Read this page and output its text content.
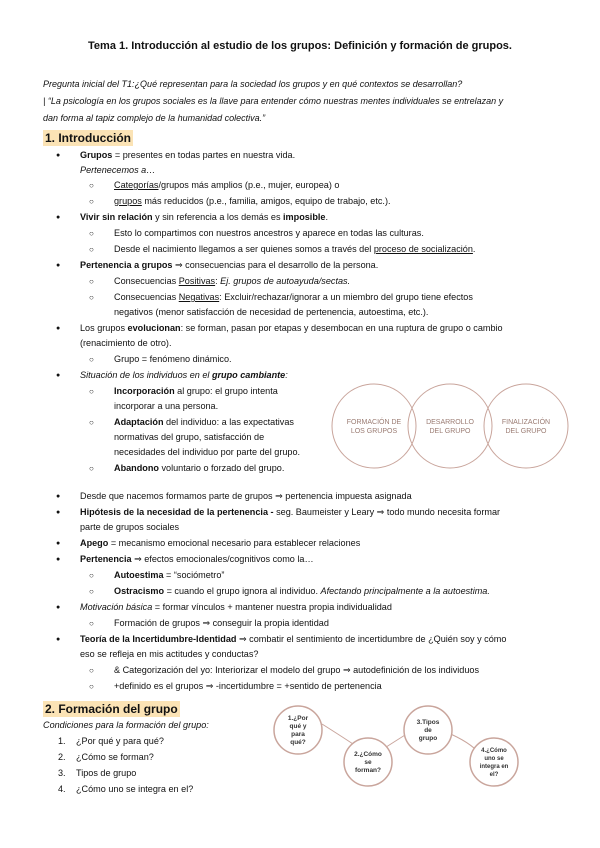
Tema 1. Introducción al estudio de los grupos: Definición y formación de grupos.
Pregunta inicial del T1:¿Qué representan para la sociedad los grupos y en qué contextos se desarrollan?
| “La psicología en los grupos sociales es la llave para entender cómo nuestras mentes individuales se entrelazan y
dan forma al tapiz complejo de la humanidad colectiva.”
1. Introducción
Grupos = presentes en todas partes en nuestra vida.
Pertenecemos a…
○ Categorías/grupos más amplios (p.e., mujer, europea) o
○ grupos más reducidos (p.e., familia, amigos, equipo de trabajo, etc.).
Vivir sin relación y sin referencia a los demás es imposible.
○ Esto lo compartimos con nuestros ancestros y aparece en todas las culturas.
○ Desde el nacimiento llegamos a ser quienes somos a través del proceso de socialización.
Pertenencia a grupos ⇒ consecuencias para el desarrollo de la persona.
○ Consecuencias Positivas: Ej. grupos de autoayuda/sectas.
○ Consecuencias Negativas: Excluir/rechazar/ignorar a un miembro del grupo tiene efectos
negativos (menor satisfacción de necesidad de pertenencia, autoestima, etc.).
Los grupos evolucionan: se forman, pasan por etapas y desembocan en una ruptura de grupo o cambio
(renacimiento de otro).
○ Grupo = fenómeno dinámico.
Situación de los individuos en el grupo cambiante:
○ Incorporación al grupo: el grupo intenta
incorporar a una persona.
○ Adaptación del individuo: a las expectativas
normativas del grupo, satisfacción de
necesidades del individuo por parte del grupo.
○ Abandono voluntario o forzado del grupo.
FORMACIÓN DE
LOS GRUPOS
DESARROLLO
DEL GRUPO
FINALIZACIÓN
DEL GRUPO
Desde que nacemos formamos parte de grupos ⇒ pertenencia impuesta asignada
Hipótesis de la necesidad de la pertenencia - seg. Baumeister y Leary ⇒ todo mundo necesita formar
parte de grupos sociales
Apego = mecanismo emocional necesario para establecer relaciones
Pertenencia ⇒ efectos emocionales/cognitivos como la…
○ Autoestima = “sociómetro”
○ Ostracismo = cuando el grupo ignora al individuo. Afectando principalmente a la autoestima.
Motivación básica = formar vínculos + mantener nuestra propia individualidad
○ Formación de grupos ⇒ conseguir la propia identidad
Teoría de la Incertidumbre-Identidad ⇒ combatir el sentimiento de incertidumbre de ¿Quién soy y cómo
eso se refleja en mis actitudes y conductas?
○ & Categorización del yo: Interiorizar el modelo del grupo ⇒ autodefinición de los individuos
○ +definido es el grupos ⇒ -incertidumbre = +sentido de pertenencia
2. Formación del grupo
Condiciones para la formación del grupo:
1. ¿Por qué y para qué?
2. ¿Cómo se forman?
3. Tipos de grupo
4. ¿Cómo uno se integra en el?
1.¿Por
qué y
para
qué?
2.¿Cómo
se
forman?
3.Tipos
de
grupo
4.¿Cómo
uno se
integra en
el?
